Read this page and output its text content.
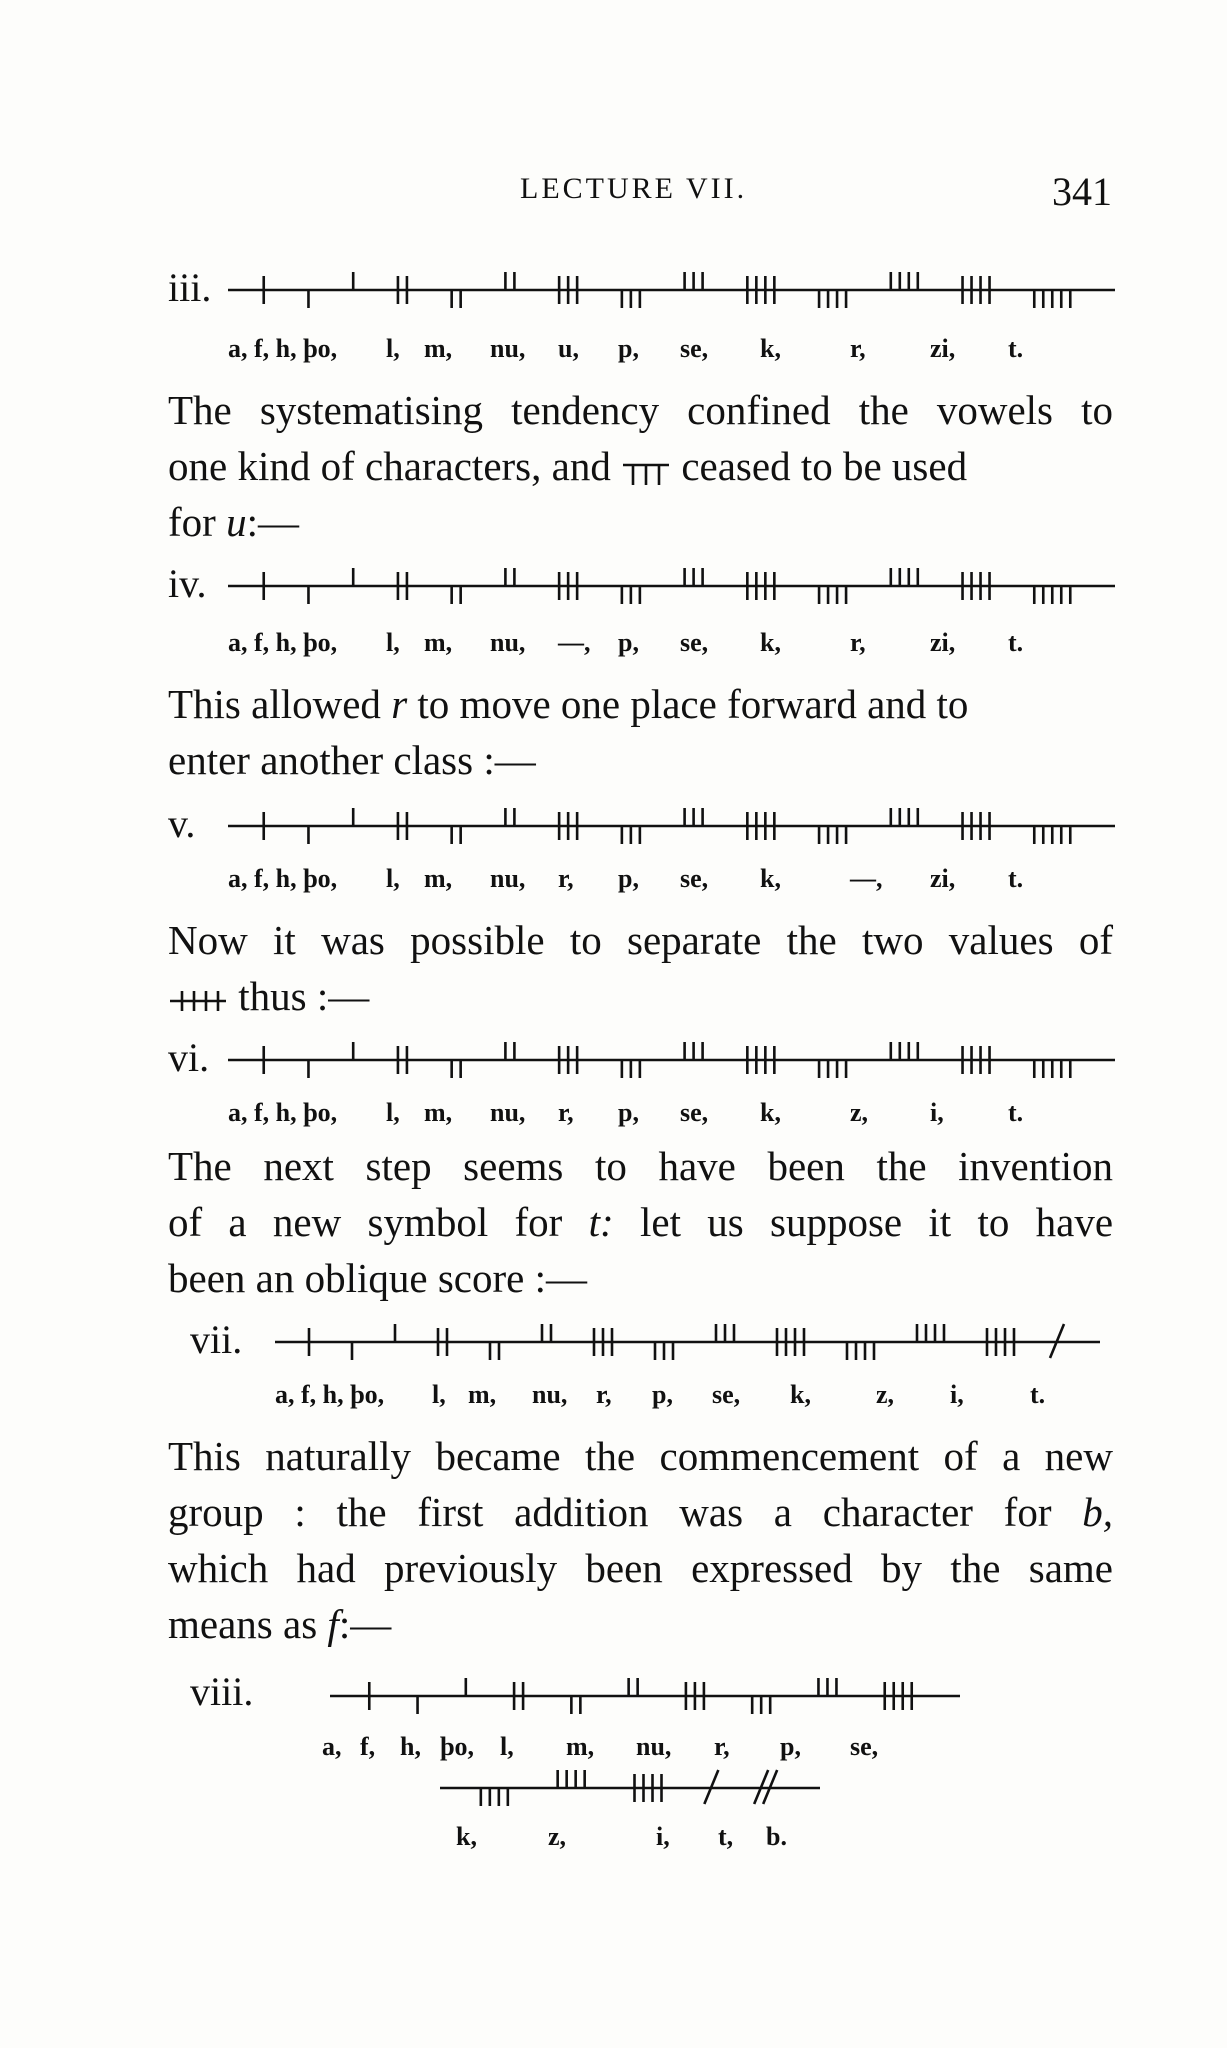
LECTURE VII.	341
iii.
a, f, h, þo, l, m, nu, u, p, se, k,	r, zi, t.

The systematising tendency confined the vowels to

one kind of characters, and ceased to be used

for u:—

iv.
a, f, h, þo, l, m, nu, —, p, se, k,	r, zi, t.

This allowed r to move one place forward and to

enter another class :—

v.
a, f, h, þo, l, m, nu, r, p, se, k,	—, zi, t.

Now it was possible to separate the two values of

thus :—

vi.
a, f, h, þo, l, m, nu, r, p, se, k,	z, i, t.

The next step seems to have been the invention

of a new symbol for t: let us suppose it to have

been an oblique score :—

vii.
a, f, h, þo, l, m, nu, r, p, se, k,	z, i,	t.

This naturally became the commencement of a new

group : the first addition was a character for b,

which had previously been expressed by the same

means as f:—

viii.
a, f, h, þo, l, m, nu, r, p, se,
k,	z,	i, t, b.
